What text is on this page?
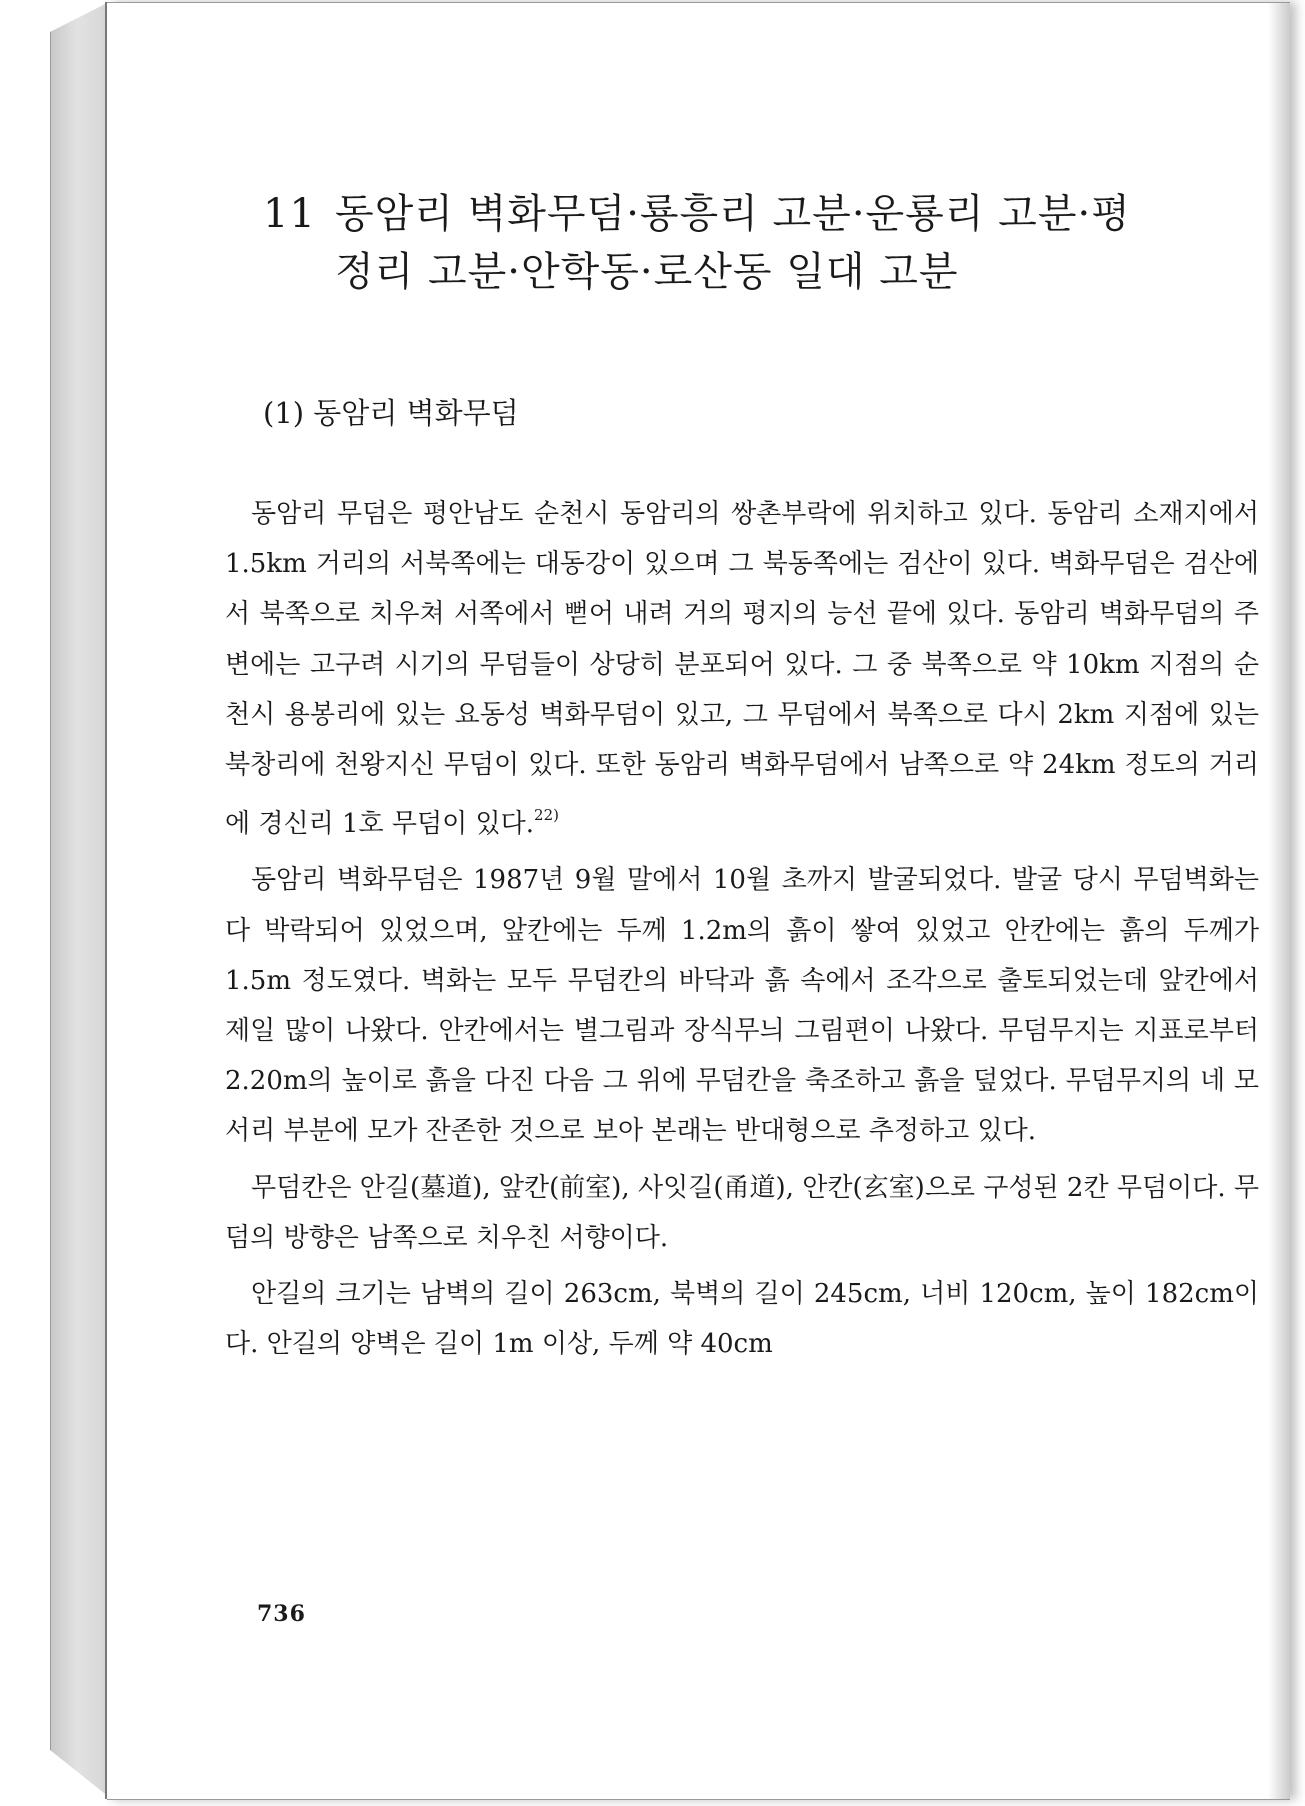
11 동암리 벽화무덤·룡흥리 고분·운룡리 고분·평
정리 고분·안학동·로산동 일대 고분
(1) 동암리 벽화무덤

동암리 무덤은 평안남도 순천시 동암리의 쌍촌부락에 위치하고 있다. 동암리 소재지에서 1.5km 거리의 서북쪽에는 대동강이 있으며 그 북동쪽에는 검산이 있다. 벽화무덤은 검산에서 북쪽으로 치우쳐 서쪽에서 뻗어 내려 거의 평지의 능선 끝에 있다. 동암리 벽화무덤의 주변에는 고구려 시기의 무덤들이 상당히 분포되어 있다. 그 중 북쪽으로 약 10km 지점의 순천시 용봉리에 있는 요동성 벽화무덤이 있고, 그 무덤에서 북쪽으로 다시 2km 지점에 있는 북창리에 천왕지신 무덤이 있다. 또한 동암리 벽화무덤에서 남쪽으로 약 24km 정도의 거리에 경신리 1호 무덤이 있다.$^{22)}$

동암리 벽화무덤은 1987년 9월 말에서 10월 초까지 발굴되었다. 발굴 당시 무덤벽화는 다 박락되어 있었으며, 앞칸에는 두께 1.2m의 흙이 쌓여 있었고 안칸에는 흙의 두께가 1.5m 정도였다. 벽화는 모두 무덤칸의 바닥과 흙 속에서 조각으로 출토되었는데 앞칸에서 제일 많이 나왔다. 안칸에서는 별그림과 장식무늬 그림편이 나왔다. 무덤무지는 지표로부터 2.20m의 높이로 흙을 다진 다음 그 위에 무덤칸을 축조하고 흙을 덮었다. 무덤무지의 네 모서리 부분에 모가 잔존한 것으로 보아 본래는 반대형으로 추정하고 있다.

무덤칸은 안길(墓道), 앞칸(前室), 사잇길(甬道), 안칸(玄室)으로 구성된 2칸 무덤이다. 무덤의 방향은 남쪽으로 치우친 서향이다.

안길의 크기는 남벽의 길이 263cm, 북벽의 길이 245cm, 너비 120cm, 높이 182cm이다. 안길의 양벽은 길이 1m 이상, 두께 약 40cm

736
